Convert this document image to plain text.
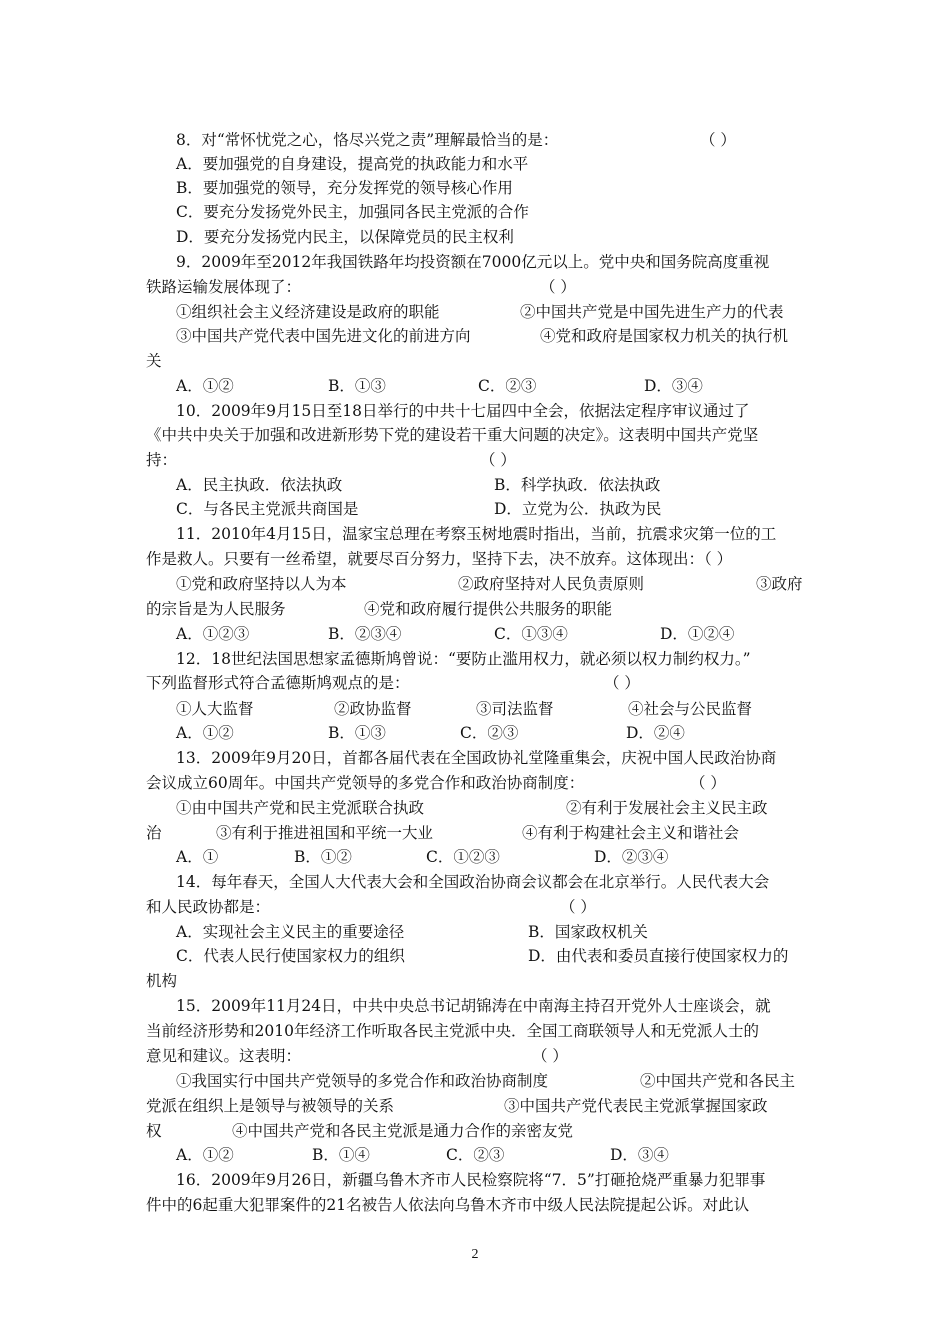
8．对“常怀忧党之心，恪尽兴党之责”理解最恰当的是：	（ ）
A．要加强党的自身建设，提高党的执政能力和水平
B．要加强党的领导，充分发挥党的领导核心作用
C．要充分发扬党外民主，加强同各民主党派的合作
D．要充分发扬党内民主，以保障党员的民主权利
9．2009年至2012年我国铁路年均投资额在7000亿元以上。党中央和国务院高度重视
铁路运输发展体现了：	（ ）
①组织社会主义经济建设是政府的职能	②中国共产党是中国先进生产力的代表
③中国共产党代表中国先进文化的前进方向	④党和政府是国家权力机关的执行机
关
A．①②	B．①③	C．②③	D．③④
10．2009年9月15日至18日举行的中共十七届四中全会，依据法定程序审议通过了
《中共中央关于加强和改进新形势下党的建设若干重大问题的决定》。这表明中国共产党坚
持：	（ ）
A．民主执政．依法执政	B．科学执政．依法执政
C．与各民主党派共商国是	D．立党为公．执政为民
11．2010年4月15日，温家宝总理在考察玉树地震时指出，当前，抗震求灾第一位的工
作是救人。只要有一丝希望，就要尽百分努力，坚持下去，决不放弃。这体现出：（ ）
①党和政府坚持以人为本	②政府坚持对人民负责原则	③政府
的宗旨是为人民服务	④党和政府履行提供公共服务的职能
A．①②③	B．②③④	C．①③④	D．①②④
12．18世纪法国思想家孟德斯鸠曾说：“要防止滥用权力，就必须以权力制约权力。”
下列监督形式符合孟德斯鸠观点的是：	（ ）
①人大监督	②政协监督	③司法监督	④社会与公民监督
A．①②	B．①③	C．②③	D．②④
13．2009年9月20日，首都各届代表在全国政协礼堂隆重集会，庆祝中国人民政治协商
会议成立60周年。中国共产党领导的多党合作和政治协商制度：	（ ）
①由中国共产党和民主党派联合执政	②有利于发展社会主义民主政
治	③有利于推进祖国和平统一大业	④有利于构建社会主义和谐社会
A．①	B．①②	C．①②③	D．②③④
14．每年春天，全国人大代表大会和全国政治协商会议都会在北京举行。人民代表大会
和人民政协都是：	（ ）
A．实现社会主义民主的重要途径	B．国家政权机关
C．代表人民行使国家权力的组织	D．由代表和委员直接行使国家权力的
机构
15．2009年11月24日，中共中央总书记胡锦涛在中南海主持召开党外人士座谈会，就
当前经济形势和2010年经济工作听取各民主党派中央．全国工商联领导人和无党派人士的
意见和建议。这表明：	（ ）
①我国实行中国共产党领导的多党合作和政治协商制度	②中国共产党和各民主
党派在组织上是领导与被领导的关系	③中国共产党代表民主党派掌握国家政
权	④中国共产党和各民主党派是通力合作的亲密友党
A．①②	B．①④	C．②③	D．③④
16．2009年9月26日，新疆乌鲁木齐市人民检察院将“7．5”打砸抢烧严重暴力犯罪事
件中的6起重大犯罪案件的21名被告人依法向乌鲁木齐市中级人民法院提起公诉。对此认
2
